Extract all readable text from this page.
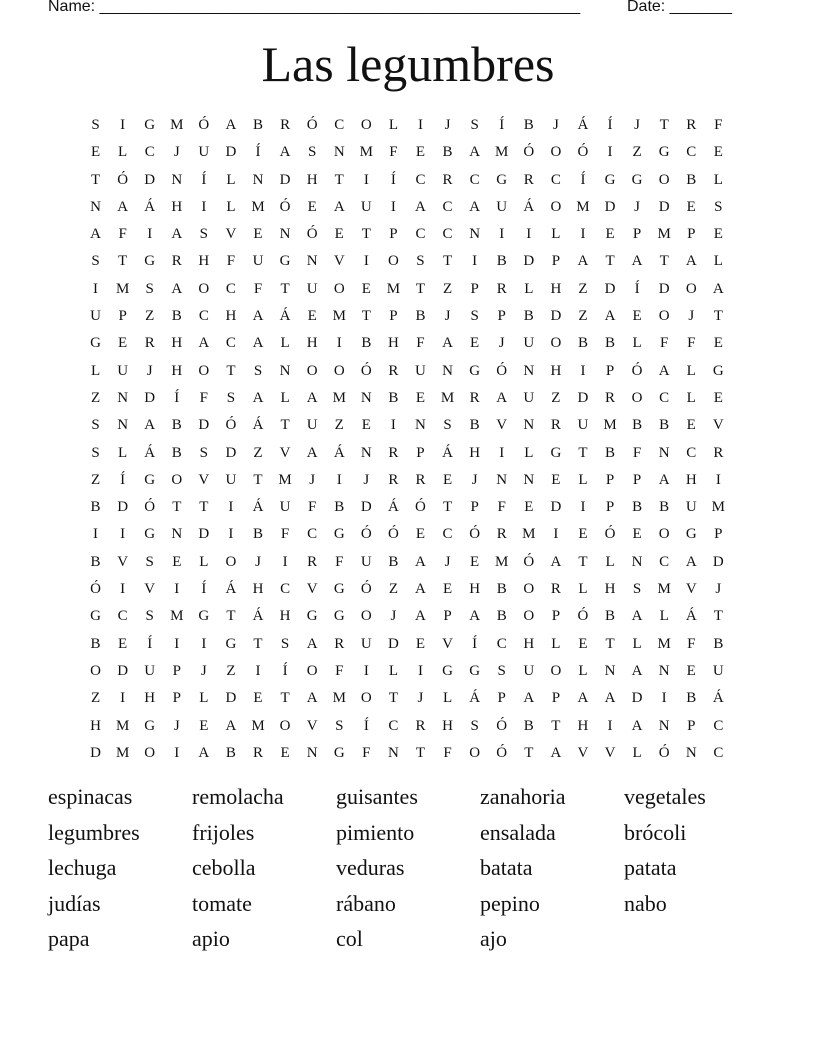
Name: ______________________________________________________	Date: _______
Las legumbres
S	I	G M Ó	A	B	R	Ó	C	O	L	I	J	S	Í	B	J	Á	Í	J	T	R	F
E	L	C	J	U	D	Í	A	S	N M	F	E	B	A M Ó	O	Ó	I	Z	G	C	E
T	Ó	D	N	Í	L	N	D	H	T	I	Í	C	R	C	G	R	C	Í	G	G	O	B	L
N	A	Á	H	I	L	M Ó	E	A	U	I	A	C	A	U	Á	O M D	J	D	E	S
A	F	I	A	S	V	E	N	Ó	E	T	P	C	C	N	I	I	L	I	E	P	M	P	E
S	T	G	R	H	F	U	G	N	V	I	O	S	T	I	B	D	P	A	T	A	T	A	L
I	M	S	A	O	C	F	T	U	O	E	M	T	Z	P	R	L	H	Z	D	Í	D	O	A
U	P	Z	B	C	H	A	Á	E	M	T	P	B	J	S	P	B	D	Z	A	E	O	J	T
G	E	R	H	A	C	A	L	H	I	B	H	F	A	E	J	U	O	B	B	L	F	F	E
L	U	J	H	O	T	S	N	O	O	Ó	R	U	N	G	Ó	N	H	I	P	Ó	A	L	G
Z	N	D	Í	F	S	A	L	A M N	B	E	M	R	A	U	Z	D	R	O	C	L	E
S	N	A	B	D	Ó	Á	T	U	Z	E	I	N	S	B	V	N	R	U M	B	B	E	V
S	L	Á	B	S	D	Z	V	A	Á	N	R	P	Á	H	I	L	G	T	B	F	N	C	R
Z	Í	G	O	V	U	T	M	J	I	J	R	R	E	J	N	N	E	L	P	P	A	H	I
B	D	Ó	T	T	I	Á	U	F	B	D	Á	Ó	T	P	F	E	D	I	P	B	B	U M
I	I	G	N	D	I	B	F	C	G	Ó	Ó	E	C	Ó	R	M	I	E	Ó	E	O	G	P
B	V	S	E	L	O	J	I	R	F	U	B	A	J	E	M Ó	A	T	L	N	C	A	D
Ó	I	V	I	Í	Á	H	C	V	G	Ó	Z	A	E	H	B	O	R	L	H	S	M V	J
G	C	S	M G	T	Á	H	G	G	O	J	A	P	A	B	O	P	Ó	B	A	L	Á	T
B	E	Í	I	I	G	T	S	A	R	U	D	E	V	Í	C	H	L	E	T	L	M	F	B
O	D	U	P	J	Z	I	Í	O	F	I	L	I	G	G	S	U	O	L	N	A	N	E	U
Z	I	H	P	L	D	E	T	A M O	T	J	L	Á	P	A	P	A	A	D	I	B	Á
H M G	J	E	A M O	V	S	Í	C	R	H	S	Ó	B	T	H	I	A	N	P	C
D M O	I	A	B	R	E	N	G	F	N	T	F	O	Ó	T	A	V	V	L	Ó	N	C
espinacas	remolacha	guisantes	zanahoria	vegetales
legumbres	frijoles	pimiento	ensalada	brócoli
lechuga	cebolla	veduras	batata	patata
judías	tomate	rábano	pepino	nabo
papa	apio	col	ajo
